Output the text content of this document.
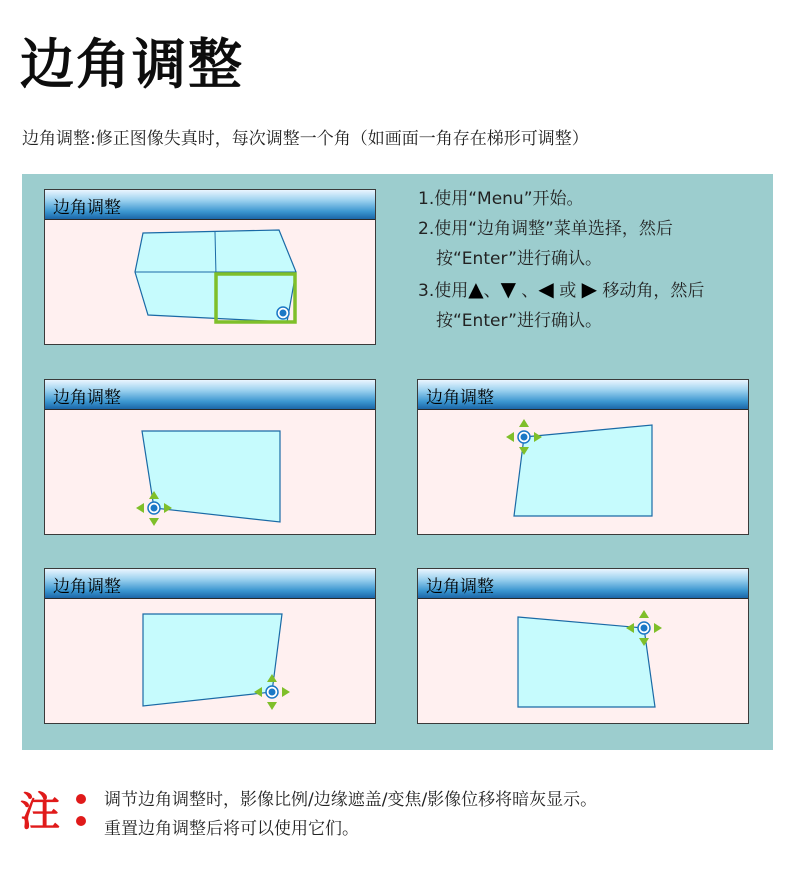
边角调整

边角调整:修正图像失真时，每次调整一个角（如画面一角存在梯形可调整）

边角调整	1.使用“Menu”开始。

2.使用“边角调整”菜单选择，然后

按“Enter”进行确认。

3.使用▲、▼ 、◀ 或 ▶ 移动角，然后

按“Enter”进行确认。

边角调整	边角调整
边角调整	边角调整
注	调节边角调整时，影像比例/边缘遮盖/变焦/影像位移将暗灰显示。

重置边角调整后将可以使用它们。
